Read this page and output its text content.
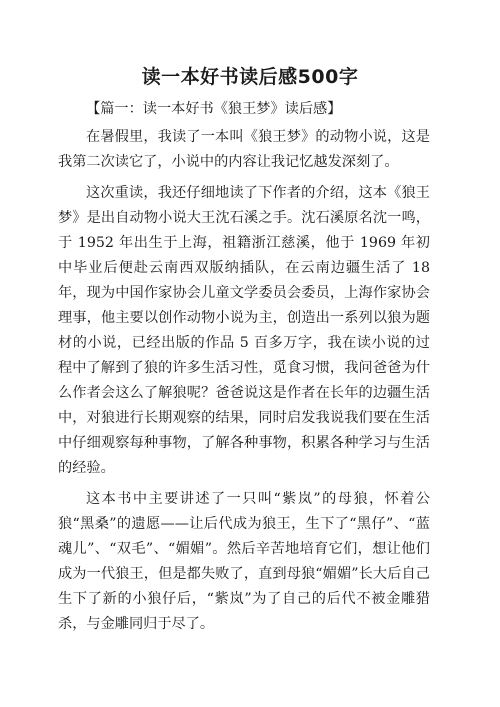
读一本好书读后感500字

【篇一：读一本好书《狼王梦》读后感】

在暑假里，我读了一本叫《狼王梦》的动物小说，这是我第二次读它了，小说中的内容让我记忆越发深刻了。

这次重读，我还仔细地读了下作者的介绍，这本《狼王梦》是出自动物小说大王沈石溪之手。沈石溪原名沈一鸣，于 1952 年出生于上海，祖籍浙江慈溪，他于 1969 年初中毕业后便赴云南西双版纳插队，在云南边疆生活了 18 年，现为中国作家协会儿童文学委员会委员，上海作家协会理事，他主要以创作动物小说为主，创造出一系列以狼为题材的小说，已经出版的作品 5 百多万字，我在读小说的过程中了解到了狼的许多生活习性，觅食习惯，我问爸爸为什么作者会这么了解狼呢？爸爸说这是作者在长年的边疆生活中，对狼进行长期观察的结果，同时启发我说我们要在生活中仔细观察每种事物，了解各种事物，积累各种学习与生活的经验。

这本书中主要讲述了一只叫“紫岚”的母狼，怀着公狼“黑桑”的遗愿——让后代成为狼王，生下了“黑仔”、“蓝魂儿”、“双毛”、“媚媚”。然后辛苦地培育它们，想让他们成为一代狼王，但是都失败了，直到母狼“媚媚”长大后自己生下了新的小狼仔后，“紫岚”为了自己的后代不被金雕猎杀，与金雕同归于尽了。
